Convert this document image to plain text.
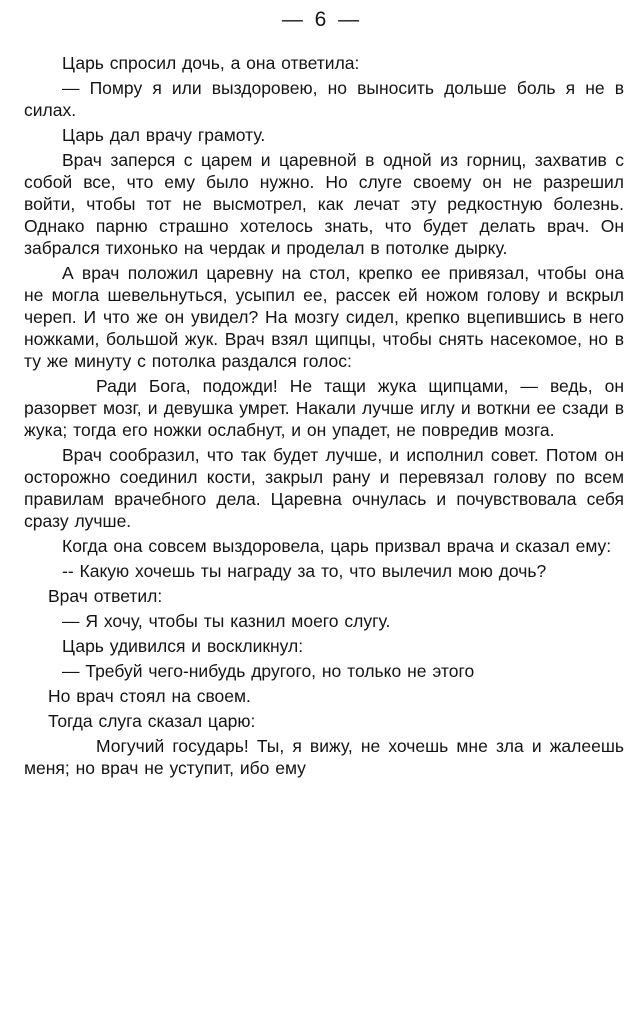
— 6 —

Царь спросил дочь, а она ответила:

— Помру я или выздоровею, но выносить дольше боль я не в силах.

Царь дал врачу грамоту.

Врач заперся с царем и царевной в одной из горниц, захватив с собой все, что ему было нужно. Но слуге своему он не разрешил войти, чтобы тот не высмотрел, как лечат эту редкостную болезнь. Однако парню страшно хотелось знать, что будет делать врач. Он забрался тихонько на чердак и проделал в потолке дырку.

А врач положил царевну на стол, крепко ее привязал, чтобы она не могла шевельнуться, усыпил ее, рассек ей ножом голову и вскрыл череп. И что же он увидел? На мозгу сидел, крепко вцепившись в него ножками, большой жук. Врач взял щипцы, чтобы снять насекомое, но в ту же минуту с потолка раздался голос:

Ради Бога, подожди! Не тащи жука щипцами, — ведь, он разорвет мозг, и девушка умрет. Накали лучше иглу и воткни ее сзади в жука; тогда его ножки ослабнут, и он упадет, не повредив мозга.

Врач сообразил, что так будет лучше, и исполнил совет. Потом он осторожно соединил кости, закрыл рану и перевязал голову по всем правилам врачебного дела. Царевна очнулась и почувствовала себя сразу лучше.

Когда она совсем выздоровела, царь призвал врача и сказал ему:

-- Какую хочешь ты награду за то, что вылечил мою дочь?

Врач ответил:

— Я хочу, чтобы ты казнил моего слугу.

Царь удивился и воскликнул:

— Требуй чего-нибудь другого, но только не этого

Но врач стоял на своем.

Тогда слуга сказал царю:

Могучий государь! Ты, я вижу, не хочешь мне зла и жалеешь меня; но врач не уступит, ибо ему
